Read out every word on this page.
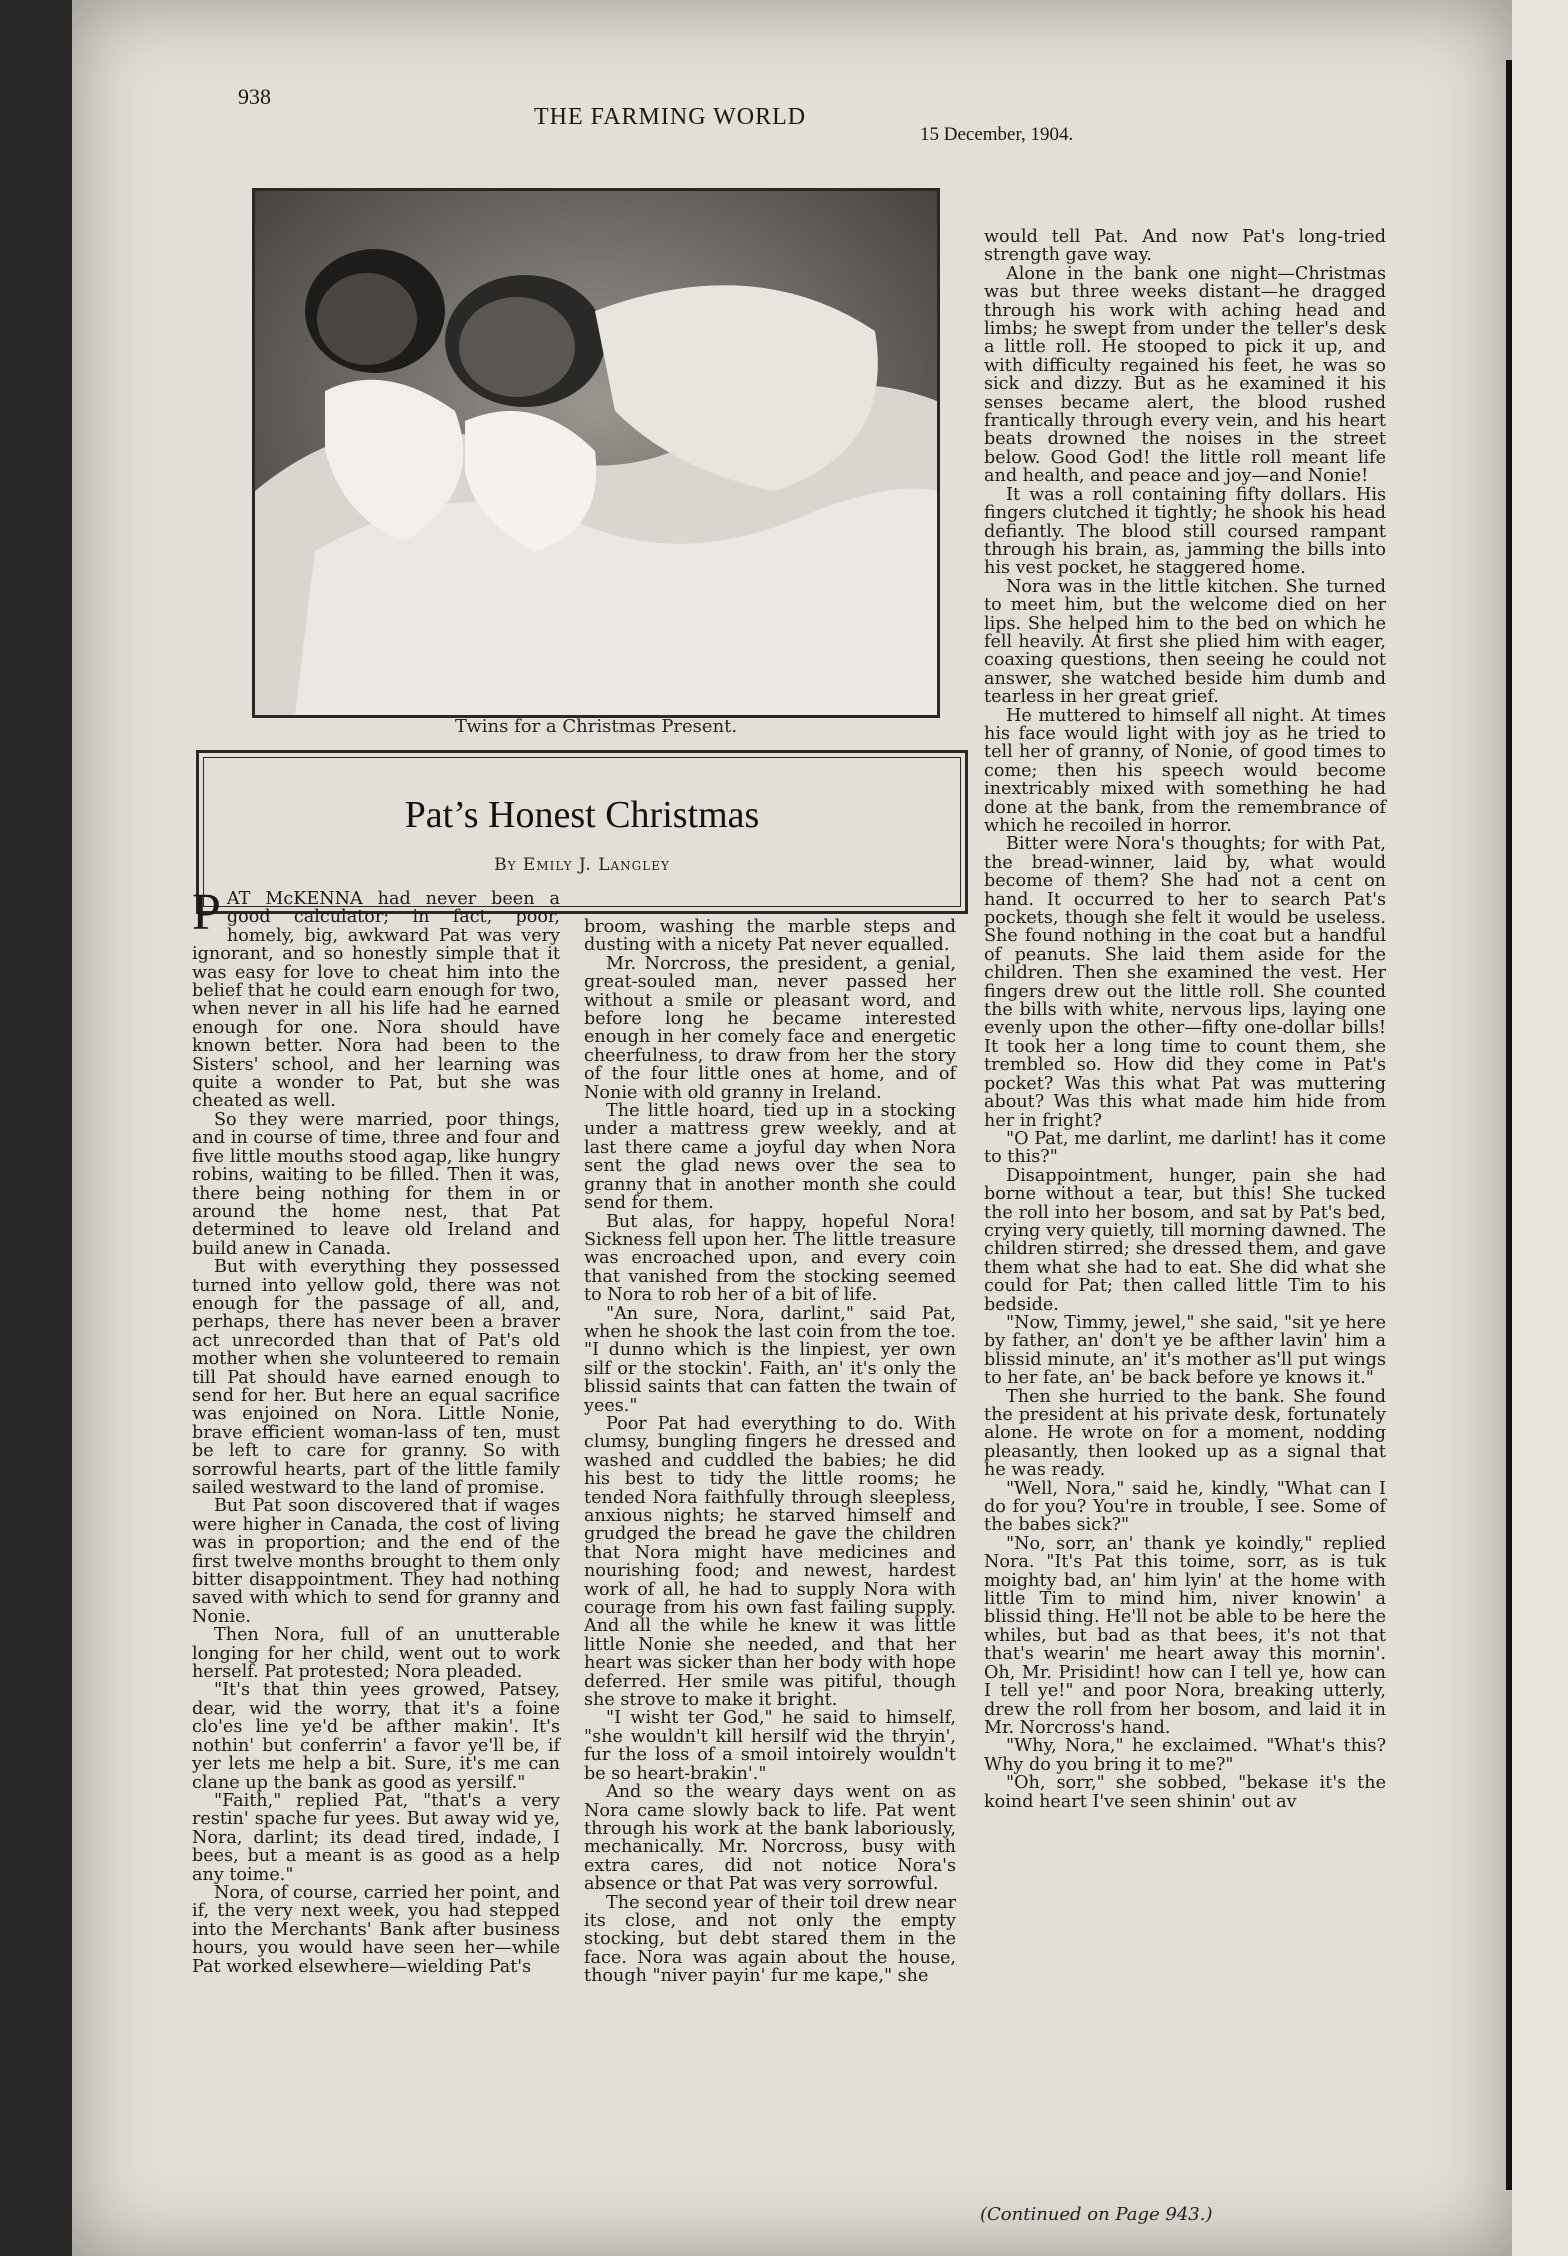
938
THE FARMING WORLD
15 December, 1904.
Twins for a Christmas Present.
Pat’s Honest Christmas
By Emily J. Langley

PAT McKENNA had never been a good calculator; in fact, poor, homely, big, awkward Pat was very ignorant, and so honestly simple that it was easy for love to cheat him into the belief that he could earn enough for two, when never in all his life had he earned enough for one. Nora should have known better. Nora had been to the Sisters' school, and her learning was quite a wonder to Pat, but she was cheated as well.

So they were married, poor things, and in course of time, three and four and five little mouths stood agap, like hungry robins, waiting to be filled. Then it was, there being nothing for them in or around the home nest, that Pat determined to leave old Ireland and build anew in Canada.

But with everything they possessed turned into yellow gold, there was not enough for the passage of all, and, perhaps, there has never been a braver act unrecorded than that of Pat's old mother when she volunteered to remain till Pat should have earned enough to send for her. But here an equal sacrifice was enjoined on Nora. Little Nonie, brave efficient woman-lass of ten, must be left to care for granny. So with sorrowful hearts, part of the little family sailed westward to the land of promise.

But Pat soon discovered that if wages were higher in Canada, the cost of living was in proportion; and the end of the first twelve months brought to them only bitter disappointment. They had nothing saved with which to send for granny and Nonie.

Then Nora, full of an unutterable longing for her child, went out to work herself. Pat protested; Nora pleaded.

"It's that thin yees growed, Patsey, dear, wid the worry, that it's a foine clo'es line ye'd be afther makin'. It's nothin' but conferrin' a favor ye'll be, if yer lets me help a bit. Sure, it's me can clane up the bank as good as yersilf."

"Faith," replied Pat, "that's a very restin' spache fur yees. But away wid ye, Nora, darlint; its dead tired, indade, I bees, but a meant is as good as a help any toime."

Nora, of course, carried her point, and if, the very next week, you had stepped into the Merchants' Bank after business hours, you would have seen her—while Pat worked elsewhere—wielding Pat's

broom, washing the marble steps and dusting with a nicety Pat never equalled.

Mr. Norcross, the president, a genial, great-souled man, never passed her without a smile or pleasant word, and before long he became interested enough in her comely face and energetic cheerfulness, to draw from her the story of the four little ones at home, and of Nonie with old granny in Ireland.

The little hoard, tied up in a stocking under a mattress grew weekly, and at last there came a joyful day when Nora sent the glad news over the sea to granny that in another month she could send for them.

But alas, for happy, hopeful Nora! Sickness fell upon her. The little treasure was encroached upon, and every coin that vanished from the stocking seemed to Nora to rob her of a bit of life.

"An sure, Nora, darlint," said Pat, when he shook the last coin from the toe. "I dunno which is the linpiest, yer own silf or the stockin'. Faith, an' it's only the blissid saints that can fatten the twain of yees."

Poor Pat had everything to do. With clumsy, bungling fingers he dressed and washed and cuddled the babies; he did his best to tidy the little rooms; he tended Nora faithfully through sleepless, anxious nights; he starved himself and grudged the bread he gave the children that Nora might have medicines and nourishing food; and newest, hardest work of all, he had to supply Nora with courage from his own fast failing supply. And all the while he knew it was little little Nonie she needed, and that her heart was sicker than her body with hope deferred. Her smile was pitiful, though she strove to make it bright.

"I wisht ter God," he said to himself, "she wouldn't kill hersilf wid the thryin', fur the loss of a smoil intoirely wouldn't be so heart-brakin'."

And so the weary days went on as Nora came slowly back to life. Pat went through his work at the bank laboriously, mechanically. Mr. Norcross, busy with extra cares, did not notice Nora's absence or that Pat was very sorrowful.

The second year of their toil drew near its close, and not only the empty stocking, but debt stared them in the face. Nora was again about the house, though "niver payin' fur me kape," she

would tell Pat. And now Pat's long-tried strength gave way.

Alone in the bank one night—Christmas was but three weeks distant—he dragged through his work with aching head and limbs; he swept from under the teller's desk a little roll. He stooped to pick it up, and with difficulty regained his feet, he was so sick and dizzy. But as he examined it his senses became alert, the blood rushed frantically through every vein, and his heart beats drowned the noises in the street below. Good God! the little roll meant life and health, and peace and joy—and Nonie!

It was a roll containing fifty dollars. His fingers clutched it tightly; he shook his head defiantly. The blood still coursed rampant through his brain, as, jamming the bills into his vest pocket, he staggered home.

Nora was in the little kitchen. She turned to meet him, but the welcome died on her lips. She helped him to the bed on which he fell heavily. At first she plied him with eager, coaxing questions, then seeing he could not answer, she watched beside him dumb and tearless in her great grief.

He muttered to himself all night. At times his face would light with joy as he tried to tell her of granny, of Nonie, of good times to come; then his speech would become inextricably mixed with something he had done at the bank, from the remembrance of which he recoiled in horror.

Bitter were Nora's thoughts; for with Pat, the bread-winner, laid by, what would become of them? She had not a cent on hand. It occurred to her to search Pat's pockets, though she felt it would be useless. She found nothing in the coat but a handful of peanuts. She laid them aside for the children. Then she examined the vest. Her fingers drew out the little roll. She counted the bills with white, nervous lips, laying one evenly upon the other—fifty one-dollar bills! It took her a long time to count them, she trembled so. How did they come in Pat's pocket? Was this what Pat was muttering about? Was this what made him hide from her in fright?

"O Pat, me darlint, me darlint! has it come to this?"

Disappointment, hunger, pain she had borne without a tear, but this! She tucked the roll into her bosom, and sat by Pat's bed, crying very quietly, till morning dawned. The children stirred; she dressed them, and gave them what she had to eat. She did what she could for Pat; then called little Tim to his bedside.

"Now, Timmy, jewel," she said, "sit ye here by father, an' don't ye be afther lavin' him a blissid minute, an' it's mother as'll put wings to her fate, an' be back before ye knows it."

Then she hurried to the bank. She found the president at his private desk, fortunately alone. He wrote on for a moment, nodding pleasantly, then looked up as a signal that he was ready.

"Well, Nora," said he, kindly, "What can I do for you? You're in trouble, I see. Some of the babes sick?"

"No, sorr, an' thank ye koindly," replied Nora. "It's Pat this toime, sorr, as is tuk moighty bad, an' him lyin' at the home with little Tim to mind him, niver knowin' a blissid thing. He'll not be able to be here the whiles, but bad as that bees, it's not that that's wearin' me heart away this mornin'. Oh, Mr. Prisidint! how can I tell ye, how can I tell ye!" and poor Nora, breaking utterly, drew the roll from her bosom, and laid it in Mr. Norcross's hand.

"Why, Nora," he exclaimed. "What's this? Why do you bring it to me?"

"Oh, sorr," she sobbed, "bekase it's the koind heart I've seen shinin' out av

(Continued on Page 943.)
